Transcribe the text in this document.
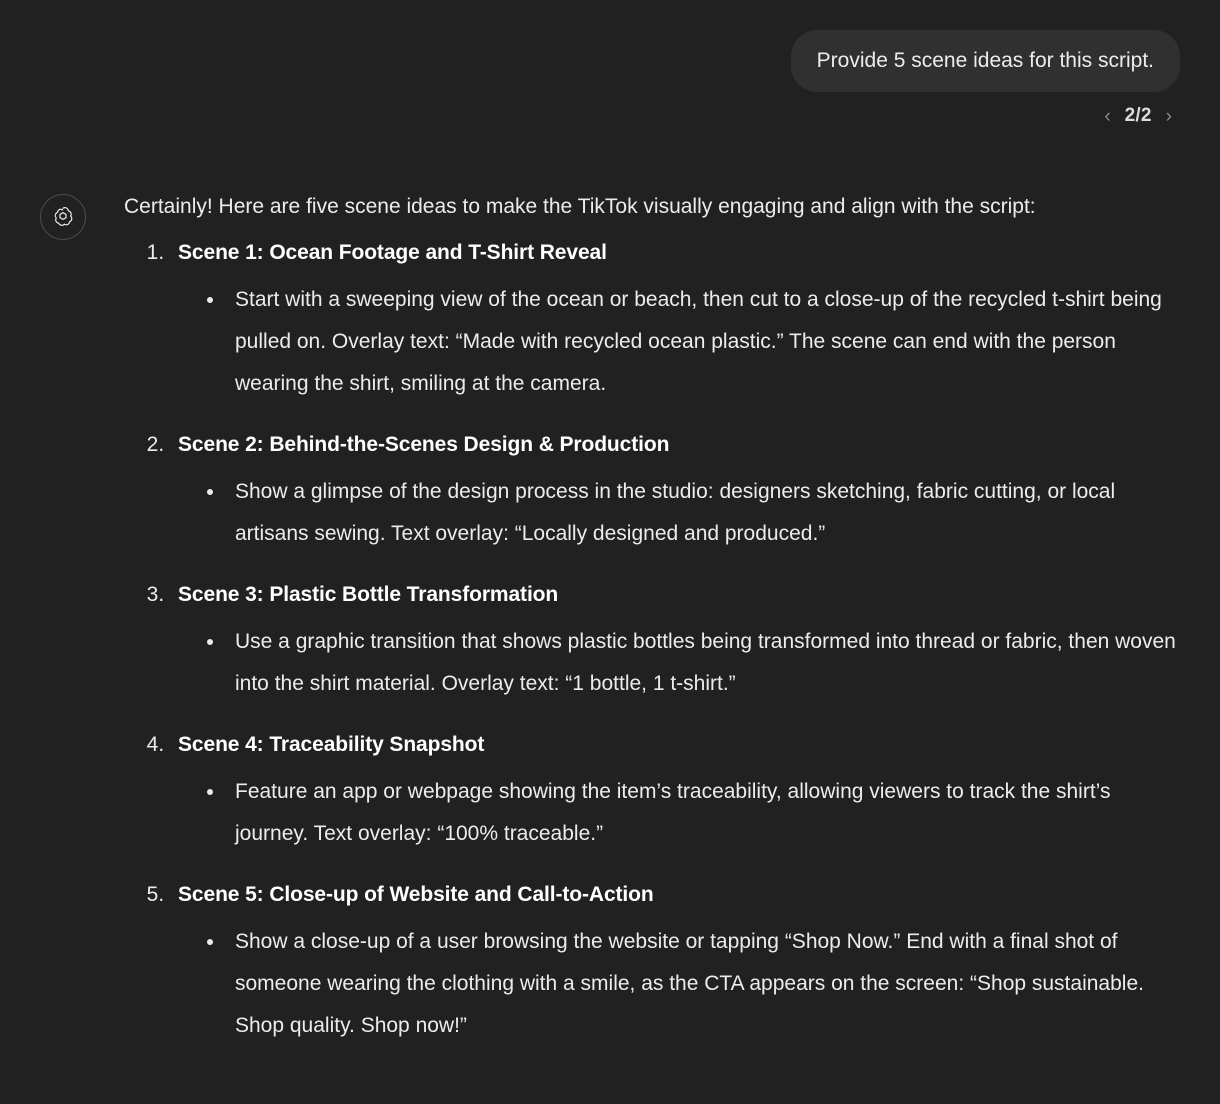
Provide 5 scene ideas for this script.
‹ 2/2 ›

Certainly! Here are five scene ideas to make the TikTok visually engaging and align with the script:

1. Scene 1: Ocean Footage and T-Shirt Reveal
• Start with a sweeping view of the ocean or beach, then cut to a close-up of the recycled t-shirt being pulled on. Overlay text: “Made with recycled ocean plastic.” The scene can end with the person wearing the shirt, smiling at the camera.
2. Scene 2: Behind-the-Scenes Design & Production
• Show a glimpse of the design process in the studio: designers sketching, fabric cutting, or local artisans sewing. Text overlay: “Locally designed and produced.”
3. Scene 3: Plastic Bottle Transformation
• Use a graphic transition that shows plastic bottles being transformed into thread or fabric, then woven into the shirt material. Overlay text: “1 bottle, 1 t-shirt.”
4. Scene 4: Traceability Snapshot
• Feature an app or webpage showing the item’s traceability, allowing viewers to track the shirt’s journey. Text overlay: “100% traceable.”
5. Scene 5: Close-up of Website and Call-to-Action
• Show a close-up of a user browsing the website or tapping “Shop Now.” End with a final shot of someone wearing the clothing with a smile, as the CTA appears on the screen: “Shop sustainable. Shop quality. Shop now!”
